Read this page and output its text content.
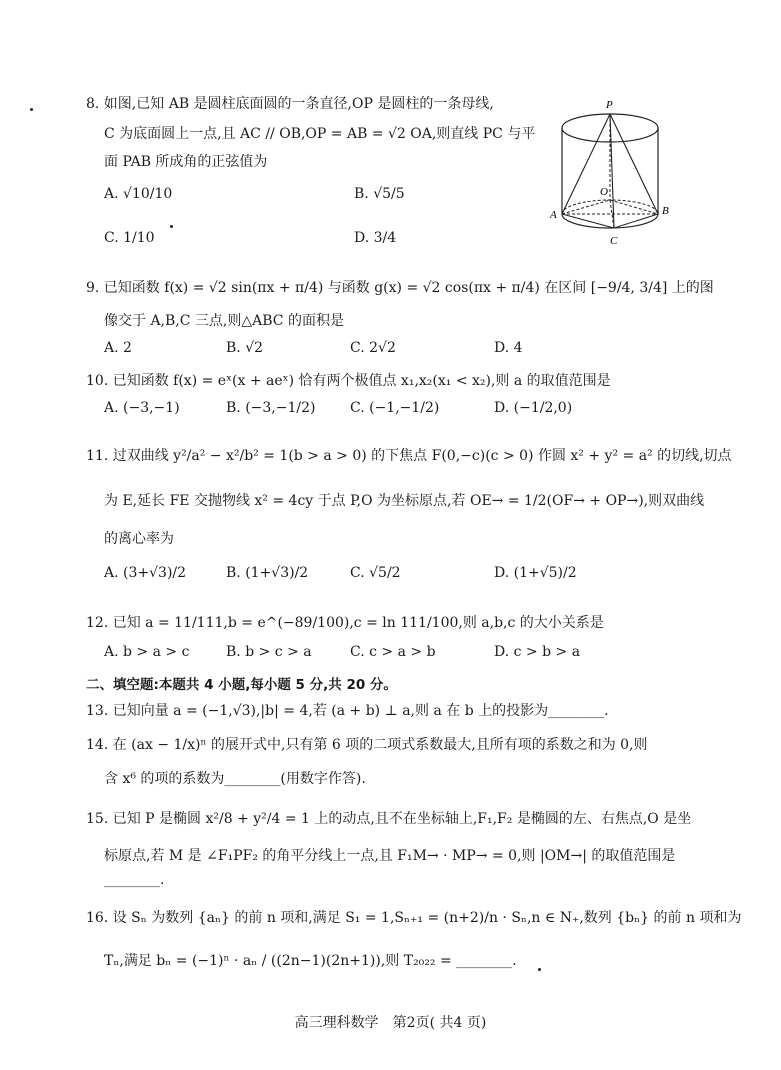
8. 如图,已知 AB 是圆柱底面圆的一条直径,OP 是圆柱的一条母线,
C 为底面圆上一点,且 AC // OB,OP = AB = √2 OA,则直线 PC 与平
面 PAB 所成角的正弦值为
A. √10/10	B. √5/5
C. 1/10	D. 3/4
P
O
A	B
C
9. 已知函数 f(x) = √2 sin(πx + π/4) 与函数 g(x) = √2 cos(πx + π/4) 在区间 [−9/4, 3/4] 上的图
像交于 A,B,C 三点,则△ABC 的面积是
A. 2	B. √2	C. 2√2	D. 4
10. 已知函数 f(x) = eˣ(x + aeˣ) 恰有两个极值点 x₁,x₂(x₁ < x₂),则 a 的取值范围是
A. (−3,−1)	B. (−3,−1/2) C. (−1,−1/2)	D. (−1/2,0)
11. 过双曲线 y²/a² − x²/b² = 1(b > a > 0) 的下焦点 F(0,−c)(c > 0) 作圆 x² + y² = a² 的切线,切点
为 E,延长 FE 交抛物线 x² = 4cy 于点 P,O 为坐标原点,若 OE→ = 1/2(OF→ + OP→),则双曲线
的离心率为
A. (3+√3)/2	B. (1+√3)/2	C. √5/2	D. (1+√5)/2
12. 已知 a = 11/111,b = e^(−89/100),c = ln 111/100,则 a,b,c 的大小关系是
A. b > a > c	B. b > c > a	C. c > a > b	D. c > b > a
二、填空题:本题共 4 小题,每小题 5 分,共 20 分。
13. 已知向量 a = (−1,√3),|b| = 4,若 (a + b) ⊥ a,则 a 在 b 上的投影为________.
14. 在 (ax − 1/x)ⁿ 的展开式中,只有第 6 项的二项式系数最大,且所有项的系数之和为 0,则
含 x⁶ 的项的系数为________(用数字作答).
15. 已知 P 是椭圆 x²/8 + y²/4 = 1 上的动点,且不在坐标轴上,F₁,F₂ 是椭圆的左、右焦点,O 是坐
标原点,若 M 是 ∠F₁PF₂ 的角平分线上一点,且 F₁M→ · MP→ = 0,则 |OM→| 的取值范围是
________.
16. 设 Sₙ 为数列 {aₙ} 的前 n 项和,满足 S₁ = 1,Sₙ₊₁ = (n+2)/n · Sₙ,n ∈ N₊,数列 {bₙ} 的前 n 项和为
Tₙ,满足 bₙ = (−1)ⁿ · aₙ / ((2n−1)(2n+1)),则 T₂₀₂₂ = ________.
高三理科数学　第2页( 共4 页)
